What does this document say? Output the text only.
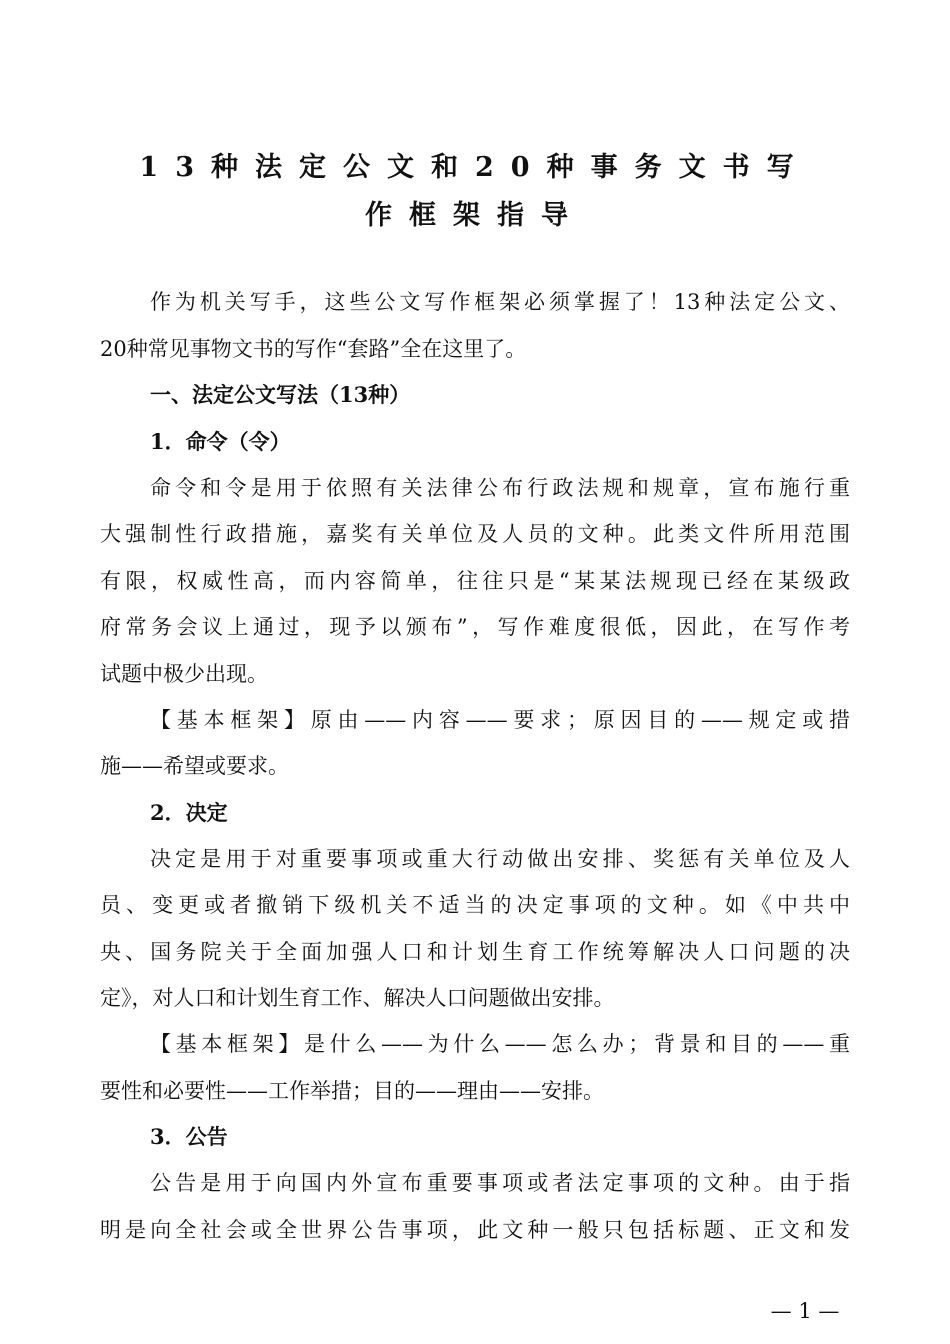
13种法定公文和20种事务文书写
作框架指导
作为机关写手，这些公文写作框架必须掌握了！13种法定公文、
20种常见事物文书的写作“套路”全在这里了。
一、法定公文写法（13种）
1．命令（令）
命令和令是用于依照有关法律公布行政法规和规章，宣布施行重
大强制性行政措施，嘉奖有关单位及人员的文种。此类文件所用范围
有限，权威性高，而内容简单，往往只是“某某法规现已经在某级政
府常务会议上通过，现予以颁布”，写作难度很低，因此，在写作考
试题中极少出现。
【基本框架】原由——内容——要求；原因目的——规定或措
施——希望或要求。
2．决定
决定是用于对重要事项或重大行动做出安排、奖惩有关单位及人
员、变更或者撤销下级机关不适当的决定事项的文种。如《中共中
央、国务院关于全面加强人口和计划生育工作统筹解决人口问题的决
定》，对人口和计划生育工作、解决人口问题做出安排。
【基本框架】是什么——为什么——怎么办；背景和目的——重
要性和必要性——工作举措；目的——理由——安排。
3．公告
公告是用于向国内外宣布重要事项或者法定事项的文种。由于指
明是向全社会或全世界公告事项，此文种一般只包括标题、正文和发
— 1 —
